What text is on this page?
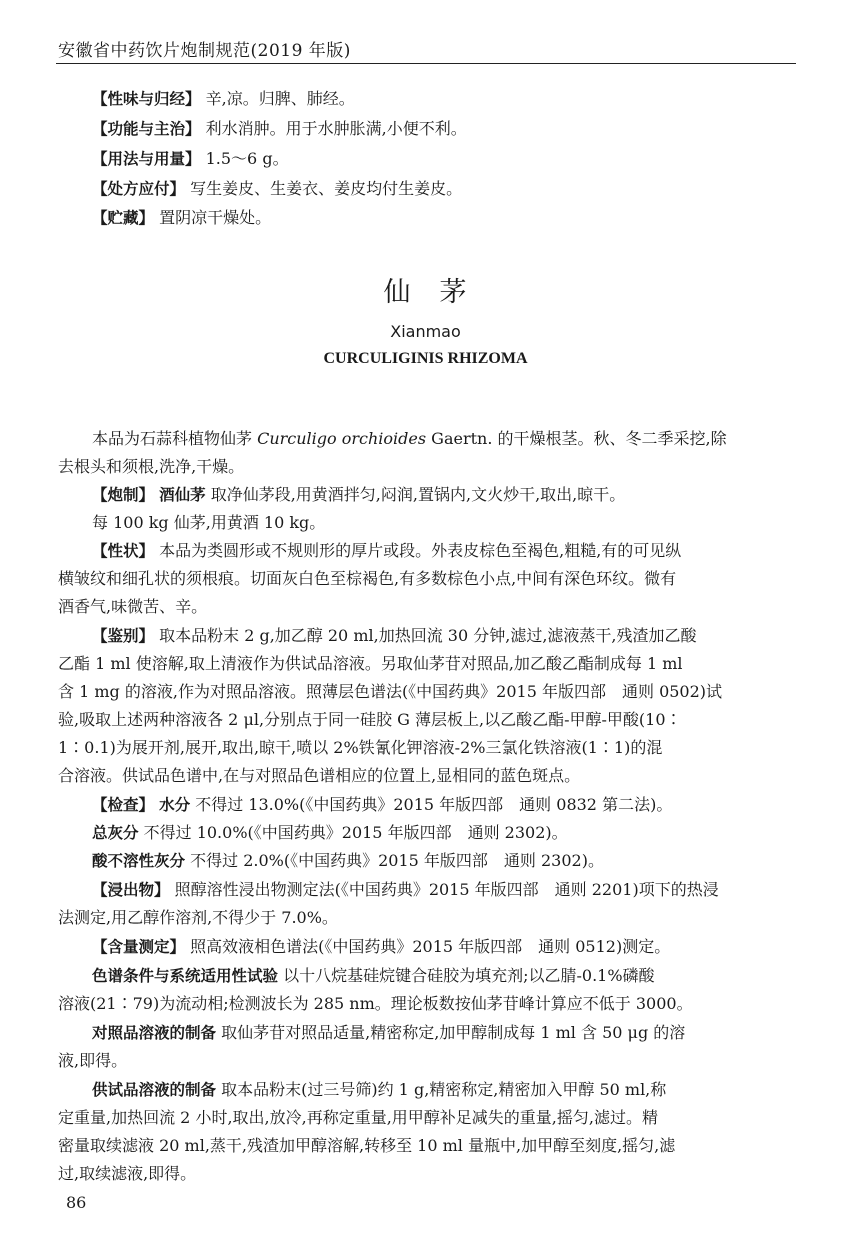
安徽省中药饮片炮制规范(2019 年版)
【性味与归经】 辛,凉。归脾、肺经。
【功能与主治】 利水消肿。用于水肿胀满,小便不利。
【用法与用量】 1.5～6 g。
【处方应付】 写生姜皮、生姜衣、姜皮均付生姜皮。
【贮藏】 置阴凉干燥处。
仙　茅
Xianmao
CURCULIGINIS RHIZOMA
本品为石蒜科植物仙茅 Curculigo orchioides Gaertn. 的干燥根茎。秋、冬二季采挖,除
去根头和须根,洗净,干燥。
【炮制】 酒仙茅 取净仙茅段,用黄酒拌匀,闷润,置锅内,文火炒干,取出,晾干。
每 100 kg 仙茅,用黄酒 10 kg。
【性状】 本品为类圆形或不规则形的厚片或段。外表皮棕色至褐色,粗糙,有的可见纵
横皱纹和细孔状的须根痕。切面灰白色至棕褐色,有多数棕色小点,中间有深色环纹。微有
酒香气,味微苦、辛。
【鉴别】 取本品粉末 2 g,加乙醇 20 ml,加热回流 30 分钟,滤过,滤液蒸干,残渣加乙酸
乙酯 1 ml 使溶解,取上清液作为供试品溶液。另取仙茅苷对照品,加乙酸乙酯制成每 1 ml
含 1 mg 的溶液,作为对照品溶液。照薄层色谱法(《中国药典》2015 年版四部　通则 0502)试
验,吸取上述两种溶液各 2 μl,分别点于同一硅胶 G 薄层板上,以乙酸乙酯-甲醇-甲酸(10∶
1∶0.1)为展开剂,展开,取出,晾干,喷以 2%铁氰化钾溶液-2%三氯化铁溶液(1∶1)的混
合溶液。供试品色谱中,在与对照品色谱相应的位置上,显相同的蓝色斑点。
【检查】 水分 不得过 13.0%(《中国药典》2015 年版四部　通则 0832 第二法)。
总灰分 不得过 10.0%(《中国药典》2015 年版四部　通则 2302)。
酸不溶性灰分 不得过 2.0%(《中国药典》2015 年版四部　通则 2302)。
【浸出物】 照醇溶性浸出物测定法(《中国药典》2015 年版四部　通则 2201)项下的热浸
法测定,用乙醇作溶剂,不得少于 7.0%。
【含量测定】 照高效液相色谱法(《中国药典》2015 年版四部　通则 0512)测定。
色谱条件与系统适用性试验 以十八烷基硅烷键合硅胶为填充剂;以乙腈-0.1%磷酸
溶液(21∶79)为流动相;检测波长为 285 nm。理论板数按仙茅苷峰计算应不低于 3000。
对照品溶液的制备 取仙茅苷对照品适量,精密称定,加甲醇制成每 1 ml 含 50 μg 的溶
液,即得。
供试品溶液的制备 取本品粉末(过三号筛)约 1 g,精密称定,精密加入甲醇 50 ml,称
定重量,加热回流 2 小时,取出,放冷,再称定重量,用甲醇补足减失的重量,摇匀,滤过。精
密量取续滤液 20 ml,蒸干,残渣加甲醇溶解,转移至 10 ml 量瓶中,加甲醇至刻度,摇匀,滤
过,取续滤液,即得。
86
